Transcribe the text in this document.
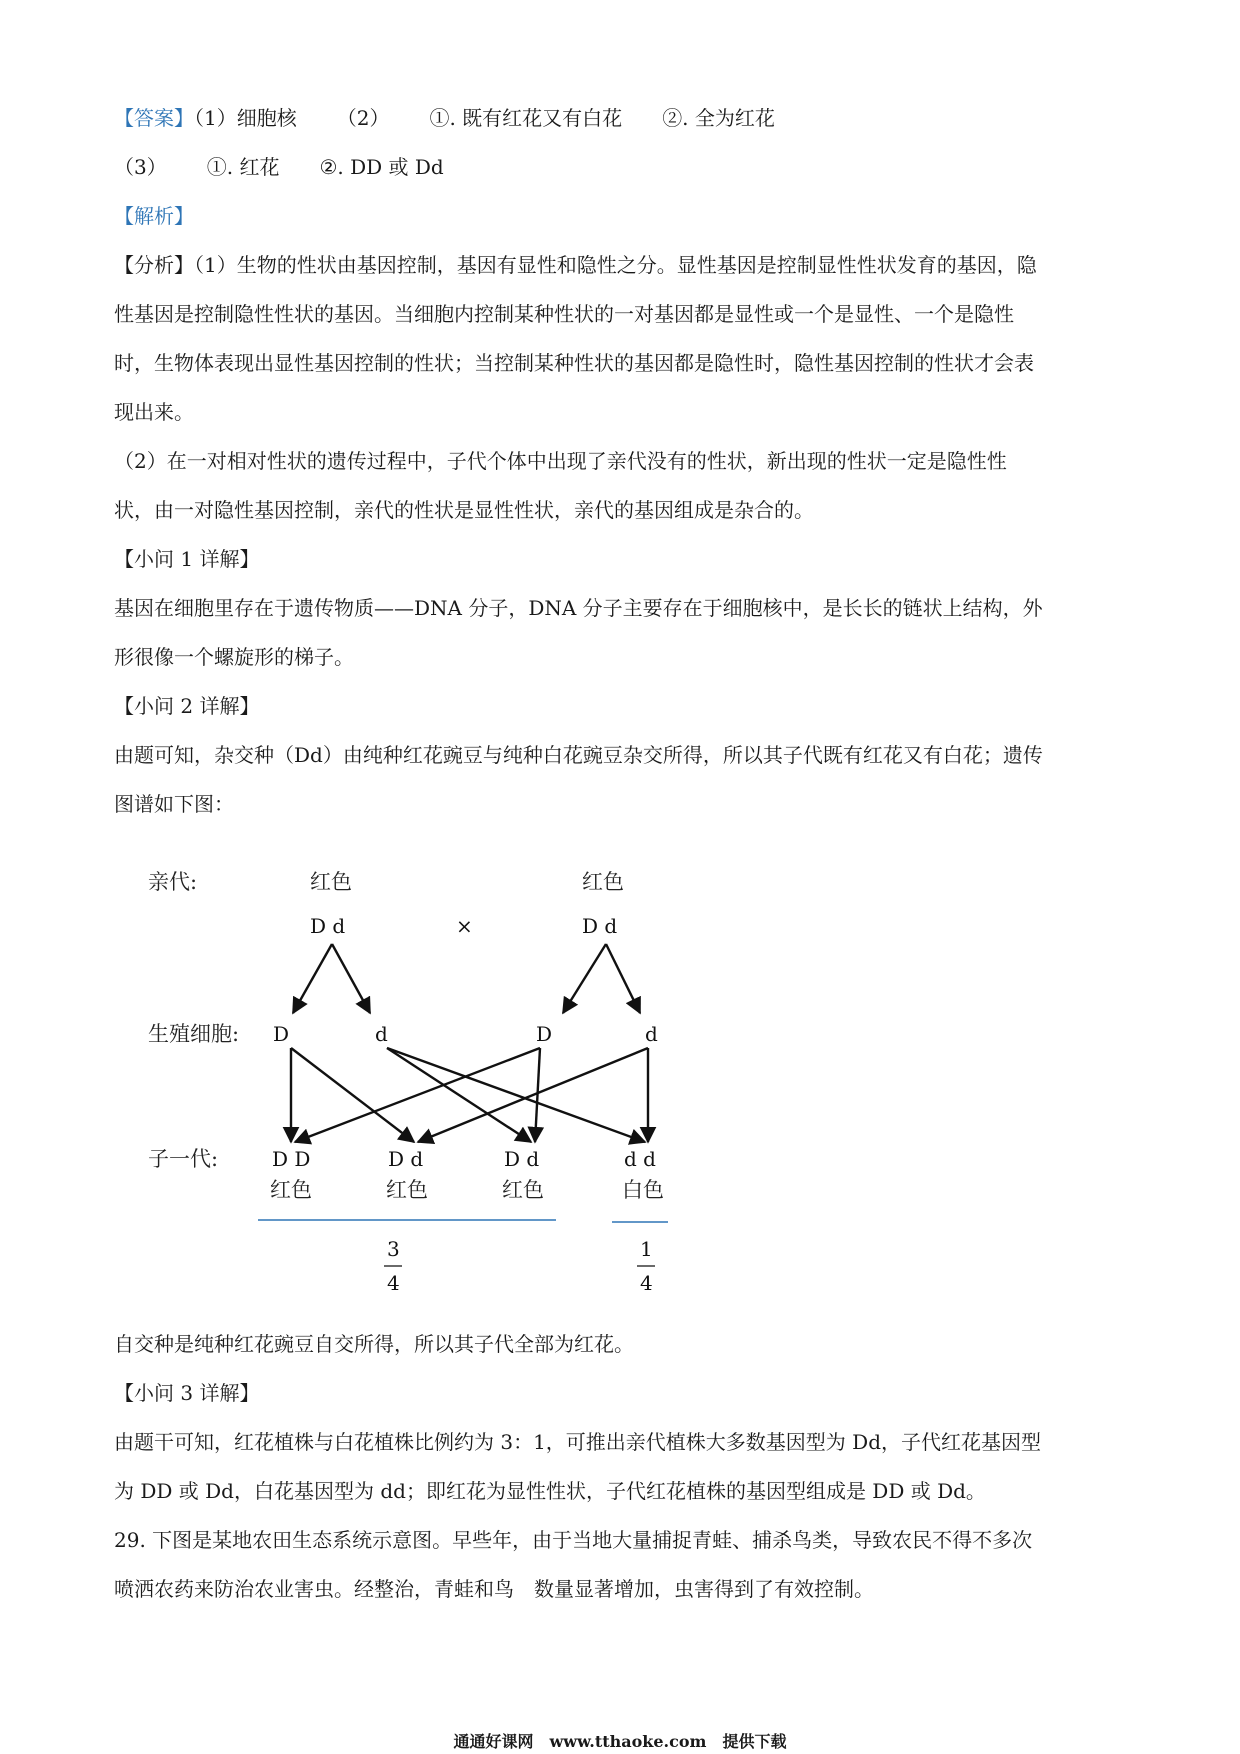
【答案】（1）细胞核 （2） ①. 既有红花又有白花 ②. 全为红花
（3） ①. 红花 ②. DD 或 Dd
【解析】
【分析】（1）生物的性状由基因控制，基因有显性和隐性之分。显性基因是控制显性性状发育的基因，隐
性基因是控制隐性性状的基因。当细胞内控制某种性状的一对基因都是显性或一个是显性、一个是隐性
时，生物体表现出显性基因控制的性状；当控制某种性状的基因都是隐性时，隐性基因控制的性状才会表
现出来。
（2）在一对相对性状的遗传过程中，子代个体中出现了亲代没有的性状，新出现的性状一定是隐性性
状，由一对隐性基因控制，亲代的性状是显性性状，亲代的基因组成是杂合的。
【小问 1 详解】
基因在细胞里存在于遗传物质——DNA 分子，DNA 分子主要存在于细胞核中，是长长的链状上结构，外
形很像一个螺旋形的梯子。
【小问 2 详解】
由题可知，杂交种（Dd）由纯种红花豌豆与纯种白花豌豆杂交所得，所以其子代既有红花又有白花；遗传
图谱如下图：
亲代:	红色	红色
D d	×	D d
生殖细胞: D	d	D	d
子一代:	D D	D d	D d	d d
红色	红色	红色	白色
3
4
1
4
自交种是纯种红花豌豆自交所得，所以其子代全部为红花。
【小问 3 详解】
由题干可知，红花植株与白花植株比例约为 3：1，可推出亲代植株大多数基因型为 Dd，子代红花基因型
为 DD 或 Dd，白花基因型为 dd；即红花为显性性状，子代红花植株的基因型组成是 DD 或 Dd。
29. 下图是某地农田生态系统示意图。早些年，由于当地大量捕捉青蛙、捕杀鸟类，导致农民不得不多次
喷洒农药来防治农业害虫。经整治，青蛙和鸟　数量显著增加，虫害得到了有效控制。
通通好课网　www.tthaoke.com　提供下载
